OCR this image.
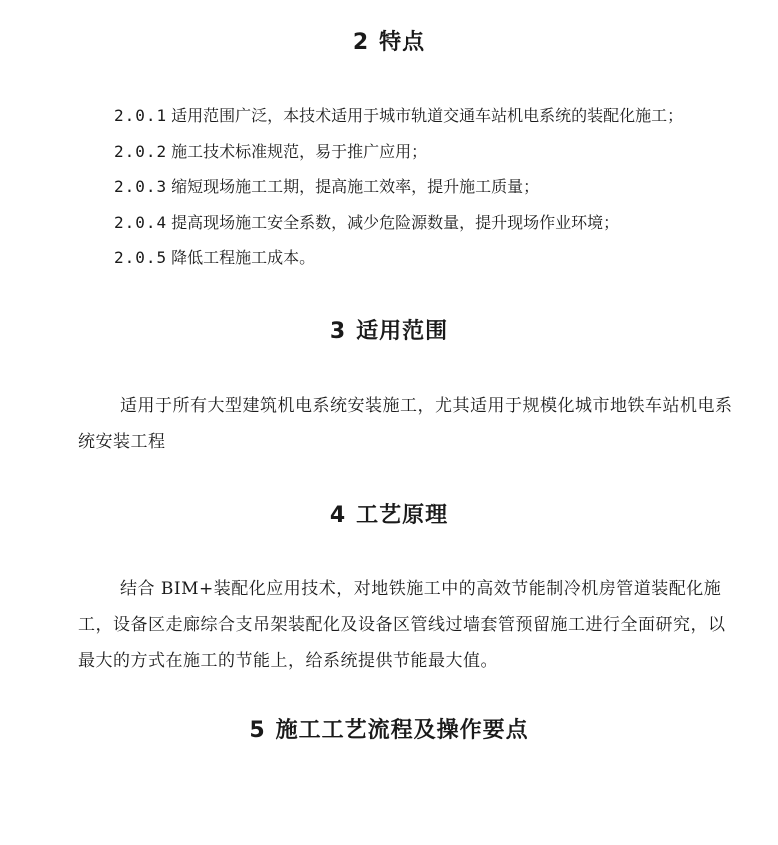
2 特点

2.0.1 适用范围广泛，本技术适用于城市轨道交通车站机电系统的装配化施工；

2.0.2 施工技术标准规范，易于推广应用；

2.0.3 缩短现场施工工期，提高施工效率，提升施工质量；

2.0.4 提高现场施工安全系数，减少危险源数量，提升现场作业环境；

2.0.5 降低工程施工成本。

3 适用范围

适用于所有大型建筑机电系统安装施工，尤其适用于规模化城市地铁车站机电系统安装工程

4 工艺原理

结合 BIM+装配化应用技术，对地铁施工中的高效节能制冷机房管道装配化施工，设备区走廊综合支吊架装配化及设备区管线过墙套管预留施工进行全面研究，以最大的方式在施工的节能上，给系统提供节能最大值。

5 施工工艺流程及操作要点
